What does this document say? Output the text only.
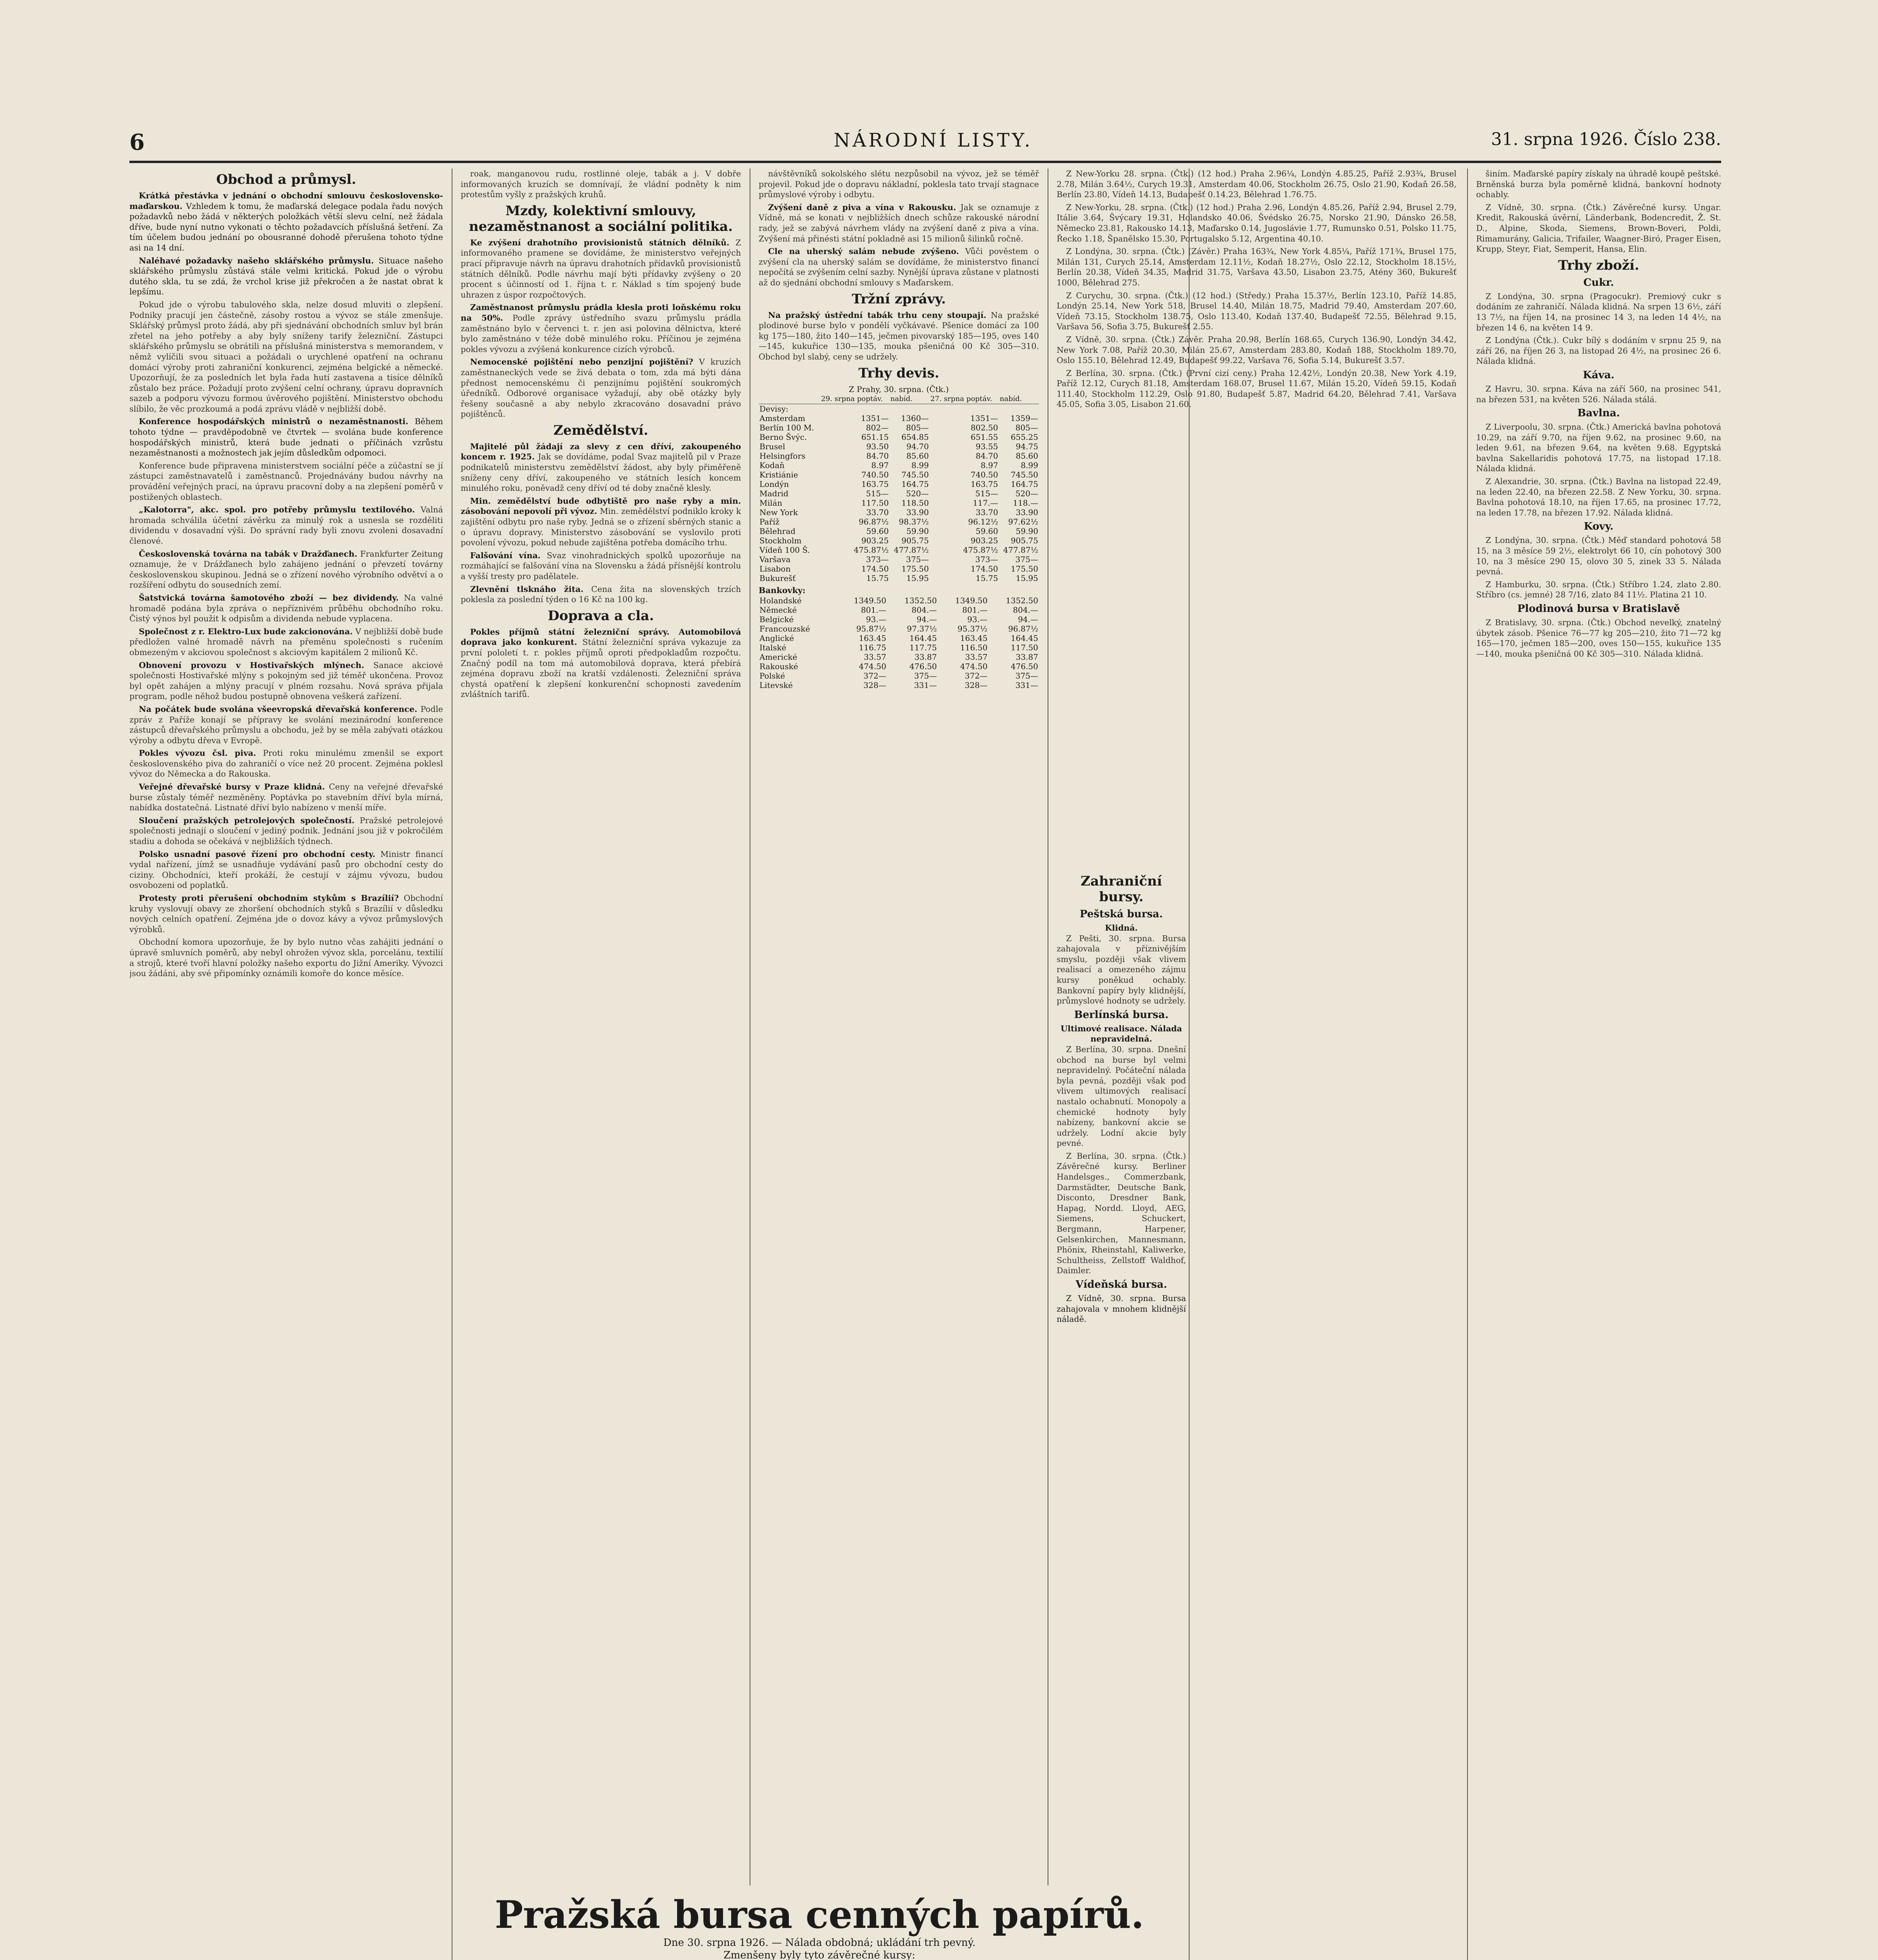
6	NÁRODNÍ LISTY.	31. srpna 1926. Číslo 238.
Obchod a průmysl.

Krátká přestávka v jednání o obchodní smlouvu československo-maďarskou. Vzhledem k tomu, že maďarská delegace podala řadu nových požadavků nebo žádá v některých položkách větší slevu celní, než žádala dříve, bude nyní nutno vykonati o těchto požadavcích příslušná šetření. Za tím účelem budou jednání po obousranné dohodě přerušena tohoto týdne asi na 14 dní.

Naléhavé požadavky našeho sklářského průmyslu. Situace našeho sklářského průmyslu zůstává stále velmi kritická. Pokud jde o výrobu dutého skla, tu se zdá, že vrchol krise již překročen a že nastat obrat k lepšímu.

Pokud jde o výrobu tabulového skla, nelze dosud mluviti o zlepšení. Podniky pracují jen částečně, zásoby rostou a vývoz se stále zmenšuje. Sklářský průmysl proto žádá, aby při sjednávání obchodních smluv byl brán zřetel na jeho potřeby a aby byly sníženy tarify železniční. Zástupci sklářského průmyslu se obrátili na příslušná ministerstva s memorandem, v němž vylíčili svou situaci a požádali o urychlené opatření na ochranu domácí výroby proti zahraniční konkurenci, zejména belgické a německé. Upozorňují, že za posledních let byla řada hutí zastavena a tisíce dělníků zůstalo bez práce. Požadují proto zvýšení celní ochrany, úpravu dopravních sazeb a podporu vývozu formou úvěrového pojištění. Ministerstvo obchodu slíbilo, že věc prozkoumá a podá zprávu vládě v nejbližší době.

Konference hospodářských ministrů o nezaměstnanosti. Během tohoto týdne — pravděpodobně ve čtvrtek — svolána bude konference hospodářských ministrů, která bude jednati o příčinách vzrůstu nezaměstnanosti a možnostech jak jejím důsledkům odpomoci.

Konference bude připravena ministerstvem sociální péče a zúčastní se jí zástupci zaměstnavatelů i zaměstnanců. Projednávány budou návrhy na provádění veřejných prací, na úpravu pracovní doby a na zlepšení poměrů v postižených oblastech.

„Kalotorra", akc. spol. pro potřeby průmyslu textilového. Valná hromada schválila účetní závěrku za minulý rok a usnesla se rozděliti dividendu v dosavadní výši. Do správní rady byli znovu zvoleni dosavadní členové.

Československá továrna na tabák v Dražďanech. Frankfurter Zeitung oznamuje, že v Drážďanech bylo zahájeno jednání o převzetí továrny československou skupinou. Jedná se o zřízení nového výrobního odvětví a o rozšíření odbytu do sousedních zemí.

Šatstvická továrna šamotového zboží — bez dividendy. Na valné hromadě podána byla zpráva o nepříznivém průběhu obchodního roku. Čistý výnos byl použit k odpisům a dividenda nebude vyplacena.

Společnost z r. Elektro-Lux bude zakcionována. V nejbližší době bude předložen valné hromadě návrh na přeměnu společnosti s ručením obmezeným v akciovou společnost s akciovým kapitálem 2 milionů Kč.

Obnovení provozu v Hostivařských mlýnech. Sanace akciové společnosti Hostivařské mlýny s pokojným sed již téměř ukončena. Provoz byl opět zahájen a mlýny pracují v plném rozsahu. Nová správa přijala program, podle něhož budou postupně obnovena veškerá zařízení.

Na počátek bude svolána všeevropská dřevařská konference. Podle zpráv z Paříže konají se přípravy ke svolání mezinárodní konference zástupců dřevařského průmyslu a obchodu, jež by se měla zabývati otázkou výroby a odbytu dřeva v Evropě.

Pokles vývozu čsl. piva. Proti roku minulému zmenšil se export československého piva do zahraničí o více než 20 procent. Zejména poklesl vývoz do Německa a do Rakouska.

Veřejné dřevařské bursy v Praze klidná. Ceny na veřejné dřevařské burse zůstaly téměř nezměněny. Poptávka po stavebním dříví byla mírná, nabídka dostatečná. Listnaté dříví bylo nabízeno v menší míře.

Sloučení pražských petrolejových společností. Pražské petrolejové společnosti jednají o sloučení v jediný podnik. Jednání jsou již v pokročilém stadiu a dohoda se očekává v nejbližších týdnech.

Polsko usnadní pasové řízení pro obchodní cesty. Ministr financí vydal nařízení, jímž se usnadňuje vydávání pasů pro obchodní cesty do ciziny. Obchodníci, kteří prokáží, že cestují v zájmu vývozu, budou osvobozeni od poplatků.

Protesty proti přerušení obchodním stykům s Brazílií? Obchodní kruhy vyslovují obavy ze zhoršení obchodních styků s Brazílií v důsledku nových celních opatření. Zejména jde o dovoz kávy a vývoz průmyslových výrobků.

Obchodní komora upozorňuje, že by bylo nutno včas zahájiti jednání o úpravě smluvních poměrů, aby nebyl ohrožen vývoz skla, porcelánu, textilií a strojů, které tvoří hlavní položky našeho exportu do Jižní Ameriky. Vývozci jsou žádáni, aby své připomínky oznámili komoře do konce měsíce.

roak, manganovou rudu, rostlinné oleje, tabák a j. V dobře informovaných kruzích se domnívají, že vládní podněty k nim protestům vyšly z pražských kruhů.

Mzdy, kolektivní smlouvy, nezaměstnanost a sociální politika.

Ke zvýšení drahotního provisionistů státních dělníků. Z informovaného pramene se dovídáme, že ministerstvo veřejných prací připravuje návrh na úpravu drahotních přídavků provisionistů státních dělníků. Podle návrhu mají býti přídavky zvýšeny o 20 procent s účinností od 1. října t. r. Náklad s tím spojený bude uhrazen z úspor rozpočtových.

Zaměstnanost průmyslu prádla klesla proti loňskému roku na 50%. Podle zprávy ústředního svazu průmyslu prádla zaměstnáno bylo v červenci t. r. jen asi polovina dělnictva, které bylo zaměstnáno v téže době minulého roku. Příčinou je zejména pokles vývozu a zvýšená konkurence cizích výrobců.

Nemocenské pojištění nebo penzijní pojištění? V kruzích zaměstnaneckých vede se živá debata o tom, zda má býti dána přednost nemocenskému či penzijnímu pojištění soukromých úředníků. Odborové organisace vyžadují, aby obě otázky byly řešeny současně a aby nebylo zkracováno dosavadní právo pojištěnců.

Zemědělství.

Majitelé půl žádají za slevy z cen dříví, zakoupeného koncem r. 1925. Jak se dovídáme, podal Svaz majitelů pil v Praze podnikatelů ministerstvu zemědělství žádost, aby byly přiměřeně sníženy ceny dříví, zakoupeného ve státních lesích koncem minulého roku, poněvadž ceny dříví od té doby značně klesly.

Min. zemědělství bude odbytiště pro naše ryby a min. zásobování nepovolí při vývoz. Min. zemědělství podniklo kroky k zajištění odbytu pro naše ryby. Jedná se o zřízení sběrných stanic a o úpravu dopravy. Ministerstvo zásobování se vyslovilo proti povolení vývozu, pokud nebude zajištěna potřeba domácího trhu.

Falšování vína. Svaz vinohradnických spolků upozorňuje na rozmáhající se falšování vína na Slovensku a žádá přísnější kontrolu a vyšší tresty pro padělatele.

Zlevnění tlsknáho žita. Cena žita na slovenských trzích poklesla za poslední týden o 16 Kč na 100 kg.

Doprava a cla.

Pokles příjmů státní železniční správy. Automobilová doprava jako konkurent. Státní železniční správa vykazuje za první pololetí t. r. pokles příjmů oproti předpokladům rozpočtu. Značný podíl na tom má automobilová doprava, která přebírá zejména dopravu zboží na kratší vzdálenosti. Železniční správa chystá opatření k zlepšení konkurenční schopnosti zavedením zvláštních tarifů.

návštěvníků sokolského slétu nezpůsobil na vývoz, jež se téměř projevil. Pokud jde o dopravu nákladní, poklesla tato trvají stagnace průmyslové výroby i odbytu.

Zvýšení daně z piva a vína v Rakousku. Jak se oznamuje z Vídně, má se konati v nejbližších dnech schůze rakouské národní rady, jež se zabývá návrhem vlády na zvýšení daně z piva a vína. Zvýšení má přinésti státní pokladně asi 15 milionů šilinků ročně.

Cle na uherský salám nebude zvýšeno. Vůči pověstem o zvýšení cla na uherský salám se dovídáme, že ministerstvo financí nepočítá se zvýšením celní sazby. Nynější úprava zůstane v platnosti až do sjednání obchodní smlouvy s Maďarskem.

Tržní zprávy.

Na pražský ústřední tabák trhu ceny stoupají. Na pražské plodinové burse bylo v pondělí vyčkávavé. Pšenice domácí za 100 kg 175—180, žito 140—145, ječmen pivovarský 185—195, oves 140—145, kukuřice 130—135, mouka pšeničná 00 Kč 305—310. Obchod byl slabý, ceny se udržely.

Trhy devis.
Z Prahy, 30. srpna. (Čtk.)
	29. srpna poptáv.	nabíd.	27. srpna poptáv.	nabíd.
Devisy:				
Amsterdam	1351—	1360—	1351—	1359—
Berlín 100 M.	802—	805—	802.50	805—
Berno Švýc.	651.15	654.85	651.55	655.25
Brusel	93.50	94.70	93.55	94.75
Helsingfors	84.70	85.60	84.70	85.60
Kodaň	8.97	8.99	8.97	8.99
Kristiánie	740.50	745.50	740.50	745.50
Londýn	163.75	164.75	163.75	164.75
Madrid	515—	520—	515—	520—
Milán	117.50	118.50	117.—	118.—
New York	33.70	33.90	33.70	33.90
Paříž	96.87½	98.37½	96.12½	97.62½
Bělehrad	59.60	59.90	59.60	59.90
Stockholm	903.25	905.75	903.25	905.75
Vídeň 100 Š.	475.87½	477.87½	475.87½	477.87½
Varšava	373—	375—	373—	375—
Lisabon	174.50	175.50	174.50	175.50
Bukurešť	15.75	15.95	15.75	15.95
Bankovky:
Holandské	1349.50	1352.50	1349.50	1352.50
Německé	801.—	804.—	801.—	804.—
Belgické	93.—	94.—	93.—	94.—
Francouzské	95.87½	97.37½	95.37½	96.87½
Anglické	163.45	164.45	163.45	164.45
Italské	116.75	117.75	116.50	117.50
Americké	33.57	33.87	33.57	33.87
Rakouské	474.50	476.50	474.50	476.50
Polské	372—	375—	372—	375—
Litevské	328—	331—	328—	331—

Z New-Yorku 28. srpna. (Čtk.) (12 hod.) Praha 2.96¼, Londýn 4.85.25, Paříž 2.93¾, Brusel 2.78, Milán 3.64½, Curych 19.31, Amsterdam 40.06, Stockholm 26.75, Oslo 21.90, Kodaň 26.58, Berlín 23.80, Vídeň 14.13, Budapešť 0.14.23, Bělehrad 1.76.75.

Z New-Yorku, 28. srpna. (Čtk.) (12 hod.) Praha 2.96, Londýn 4.85.26, Paříž 2.94, Brusel 2.79, Itálie 3.64, Švýcary 19.31, Holandsko 40.06, Švédsko 26.75, Norsko 21.90, Dánsko 26.58, Německo 23.81, Rakousko 14.13, Maďarsko 0.14, Jugoslávie 1.77, Rumunsko 0.51, Polsko 11.75, Řecko 1.18, Španělsko 15.30, Portugalsko 5.12, Argentina 40.10.

Z Londýna, 30. srpna. (Čtk.) (Závěr.) Praha 163¾, New York 4.85¼, Paříž 171¾, Brusel 175, Milán 131, Curych 25.14, Amsterdam 12.11½, Kodaň 18.27½, Oslo 22.12, Stockholm 18.15½, Berlín 20.38, Vídeň 34.35, Madrid 31.75, Varšava 43.50, Lisabon 23.75, Atény 360, Bukurešť 1000, Bělehrad 275.

Z Curychu, 30. srpna. (Čtk.) (12 hod.) (Středy.) Praha 15.37½, Berlín 123.10, Paříž 14.85, Londýn 25.14, New York 518, Brusel 14.40, Milán 18.75, Madrid 79.40, Amsterdam 207.60, Vídeň 73.15, Stockholm 138.75, Oslo 113.40, Kodaň 137.40, Budapešť 72.55, Bělehrad 9.15, Varšava 56, Sofia 3.75, Bukurešť 2.55.

Z Vídně, 30. srpna. (Čtk.) Závěr. Praha 20.98, Berlín 168.65, Curych 136.90, Londýn 34.42, New York 7.08, Paříž 20.30, Milán 25.67, Amsterdam 283.80, Kodaň 188, Stockholm 189.70, Oslo 155.10, Bělehrad 12.49, Budapešť 99.22, Varšava 76, Sofia 5.14, Bukurešť 3.57.

Z Berlína, 30. srpna. (Čtk.) (První cizí ceny.) Praha 12.42½, Londýn 20.38, New York 4.19, Paříž 12.12, Curych 81.18, Amsterdam 168.07, Brusel 11.67, Milán 15.20, Vídeň 59.15, Kodaň 111.40, Stockholm 112.29, Oslo 91.80, Budapešť 5.87, Madrid 64.20, Bělehrad 7.41, Varšava 45.05, Sofia 3.05, Lisabon 21.60.

Zahraniční bursy.
Peštská bursa.
Klidná.

Z Pešti, 30. srpna. Bursa zahajovala v příznivějším smyslu, později však vlivem realisací a omezeného zájmu kursy poněkud ochably. Bankovní papíry byly klidnější, průmyslové hodnoty se udržely.

Berlínská bursa.
Ultimové realisace. Nálada nepravidelná.

Z Berlína, 30. srpna. Dnešní obchod na burse byl velmi nepravidelný. Počáteční nálada byla pevná, později však pod vlivem ultimových realisací nastalo ochabnutí. Monopoly a chemické hodnoty byly nabízeny, bankovní akcie se udržely. Lodní akcie byly pevné.

Z Berlína, 30. srpna. (Čtk.) Závěrečné kursy. Berliner Handelsges., Commerzbank, Darmstädter, Deutsche Bank, Disconto, Dresdner Bank, Hapag, Nordd. Lloyd, AEG, Siemens, Schuckert, Bergmann, Harpener, Gelsenkirchen, Mannesmann, Phönix, Rheinstahl, Kaliwerke, Schultheiss, Zellstoff Waldhof, Daimler.

Vídeňská bursa.

Z Vídně, 30. srpna. Bursa zahajovala v mnohem klidnější náladě.

šiním. Maďarské papíry získaly na úhradě koupě peštské. Brněnská burza byla poměrně klidná, bankovní hodnoty ochably.

Z Vídně, 30. srpna. (Čtk.) Závěrečné kursy. Ungar. Kredit, Rakouská úvěrní, Länderbank, Bodencredit, Ž. St. D., Alpine, Skoda, Siemens, Brown-Boveri, Poldi, Rimamurány, Galicia, Trifailer, Waagner-Biró, Prager Eisen, Krupp, Steyr, Fiat, Semperit, Hansa, Elin.

Trhy zboží.
Cukr.

Z Londýna, 30. srpna (Pragocukr). Premiový cukr s dodáním ze zahraničí. Nálada klidná. Na srpen 13 6½, září 13 7½, na říjen 14, na prosinec 14 3, na leden 14 4½, na březen 14 6, na květen 14 9.

Z Londýna (Čtk.). Cukr bílý s dodáním v srpnu 25 9, na září 26, na říjen 26 3, na listopad 26 4½, na prosinec 26 6. Nálada klidná.

Káva.

Z Havru, 30. srpna. Káva na září 560, na prosinec 541, na březen 531, na květen 526. Nálada stálá.

Bavlna.

Z Liverpoolu, 30. srpna. (Čtk.) Americká bavlna pohotová 10.29, na září 9.70, na říjen 9.62, na prosinec 9.60, na leden 9.61, na březen 9.64, na květen 9.68. Egyptská bavlna Sakellaridis pohotová 17.75, na listopad 17.18. Nálada klidná.

Z Alexandrie, 30. srpna. (Čtk.) Bavlna na listopad 22.49, na leden 22.40, na březen 22.58. Z New Yorku, 30. srpna. Bavlna pohotová 18.10, na říjen 17.65, na prosinec 17.72, na leden 17.78, na březen 17.92. Nálada klidná.

Kovy.

Z Londýna, 30. srpna. (Čtk.) Měď standard pohotová 58 15, na 3 měsíce 59 2½, elektrolyt 66 10, cín pohotový 300 10, na 3 měsíce 290 15, olovo 30 5, zinek 33 5. Nálada pevná.

Z Hamburku, 30. srpna. (Čtk.) Stříbro 1.24, zlato 2.80. Stříbro (cs. jemné) 28 7/16, zlato 84 11½. Platina 21 10.

Plodinová bursa v Bratislavě

Z Bratislavy, 30. srpna. (Čtk.) Obchod nevelký, znatelný úbytek zásob. Pšenice 76—77 kg 205—210, žito 71—72 kg 165—170, ječmen 185—200, oves 150—155, kukuřice 135—140, mouka pšeničná 00 Kč 305—310. Nálada klidná.

Pražská bursa cenných papírů.
Dne 30. srpna 1926. — Nálada obdobná; ukládání trh pevný.
Zmenšeny byly tyto závěrečné kursy:
